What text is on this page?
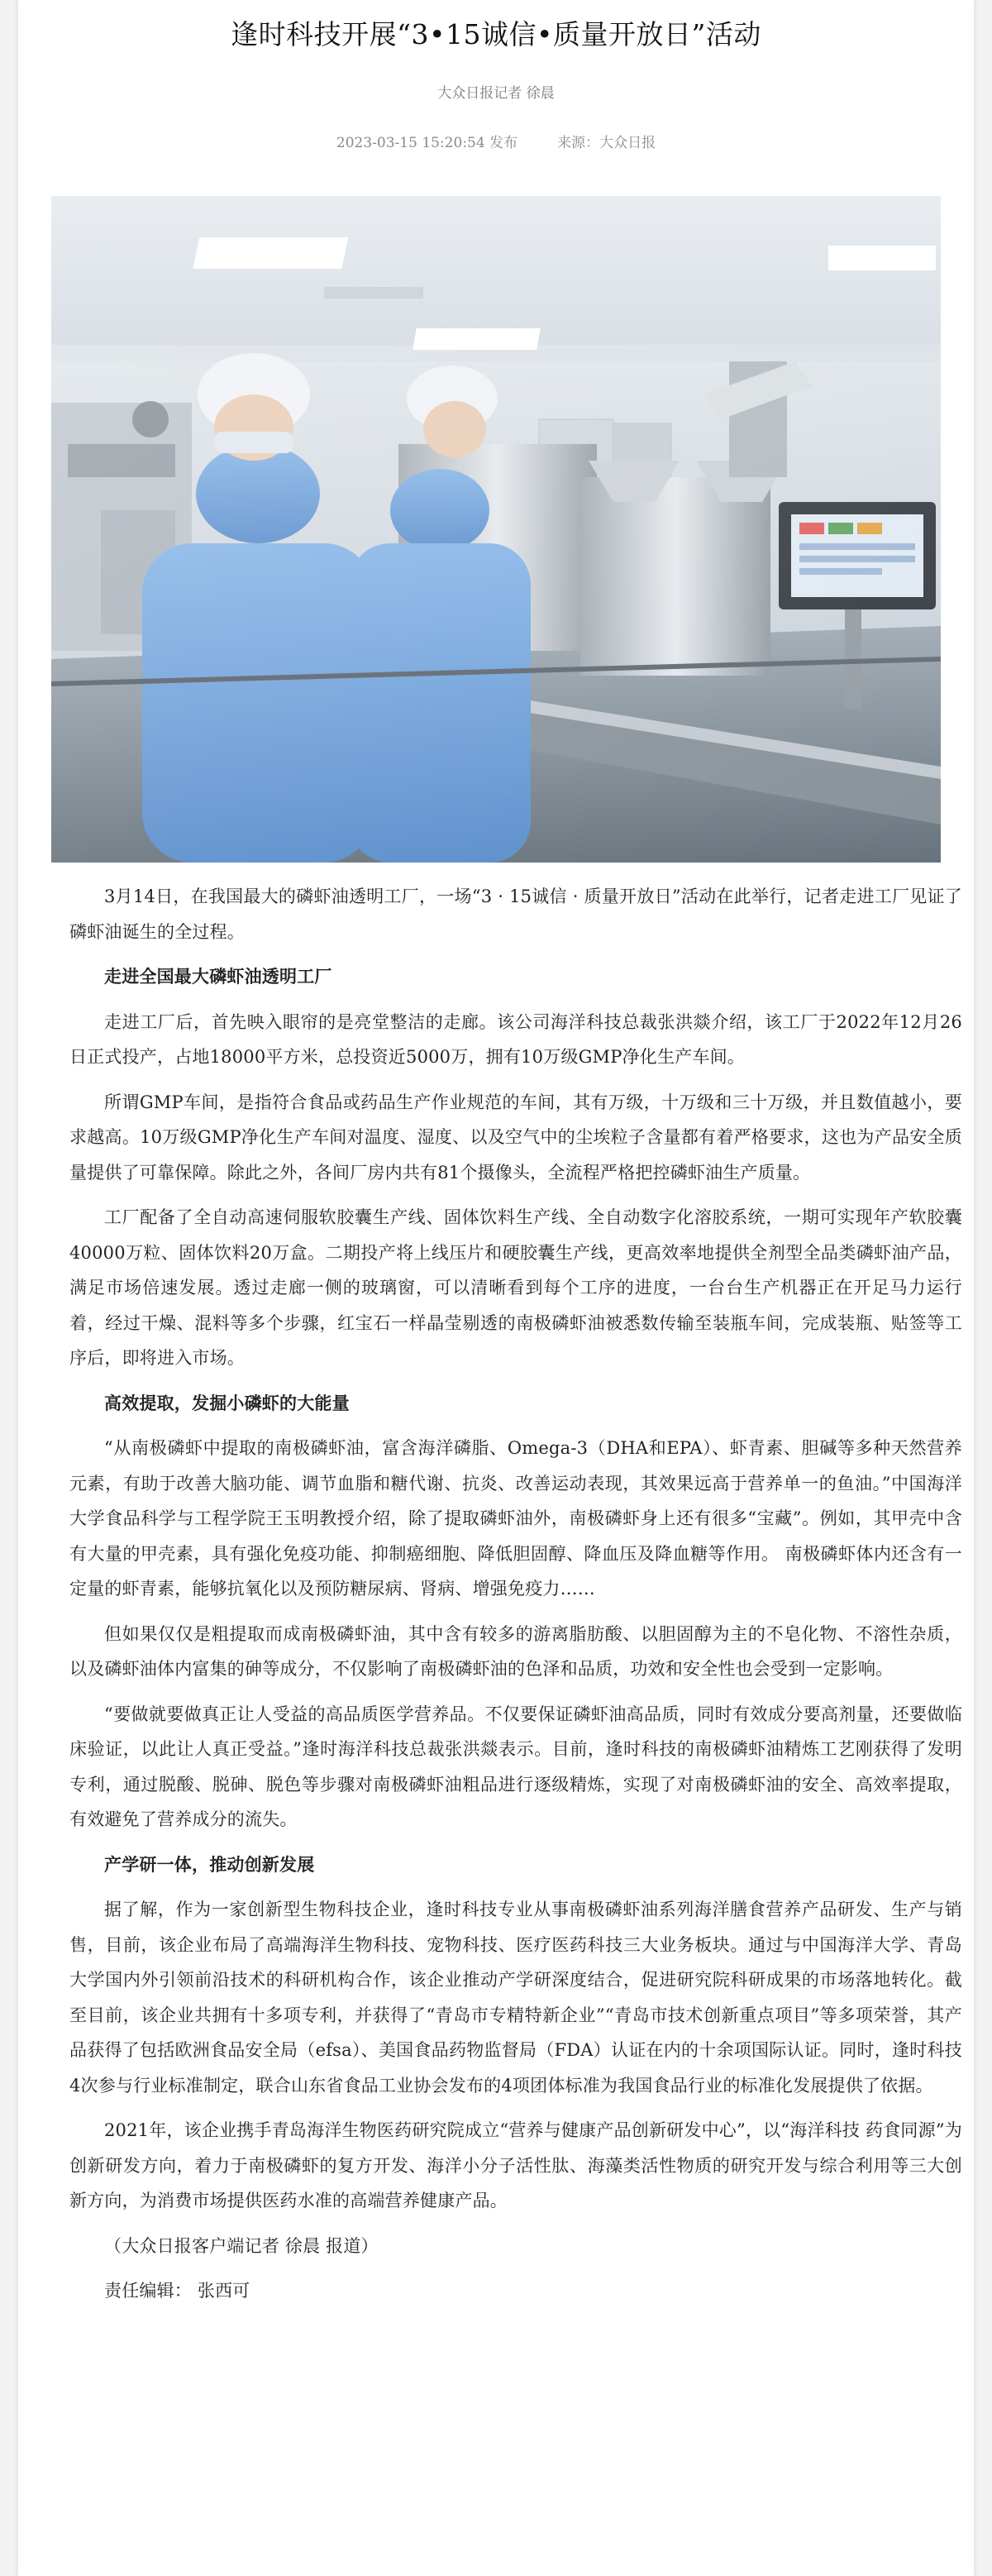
逢时科技开展“3•15诚信•质量开放日”活动
大众日报记者 徐晨
2023-03-15 15:20:54 发布	来源：大众日报

3月14日，在我国最大的磷虾油透明工厂，一场“3 · 15诚信 · 质量开放日”活动在此举行，记者走进工厂见证了磷虾油诞生的全过程。

走进全国最大磷虾油透明工厂

走进工厂后，首先映入眼帘的是亮堂整洁的走廊。该公司海洋科技总裁张洪燚介绍，该工厂于2022年12月26日正式投产，占地18000平方米，总投资近5000万，拥有10万级GMP净化生产车间。

所谓GMP车间，是指符合食品或药品生产作业规范的车间，其有万级，十万级和三十万级，并且数值越小，要求越高。10万级GMP净化生产车间对温度、湿度、以及空气中的尘埃粒子含量都有着严格要求，这也为产品安全质量提供了可靠保障。除此之外，各间厂房内共有81个摄像头，全流程严格把控磷虾油生产质量。

工厂配备了全自动高速伺服软胶囊生产线、固体饮料生产线、全自动数字化溶胶系统，一期可实现年产软胶囊40000万粒、固体饮料20万盒。二期投产将上线压片和硬胶囊生产线，更高效率地提供全剂型全品类磷虾油产品，满足市场倍速发展。透过走廊一侧的玻璃窗，可以清晰看到每个工序的进度，一台台生产机器正在开足马力运行着，经过干燥、混料等多个步骤，红宝石一样晶莹剔透的南极磷虾油被悉数传输至装瓶车间，完成装瓶、贴签等工序后，即将进入市场。

高效提取，发掘小磷虾的大能量

“从南极磷虾中提取的南极磷虾油，富含海洋磷脂、Omega-3（DHA和EPA）、虾青素、胆碱等多种天然营养元素，有助于改善大脑功能、调节血脂和糖代谢、抗炎、改善运动表现，其效果远高于营养单一的鱼油。”中国海洋大学食品科学与工程学院王玉明教授介绍，除了提取磷虾油外，南极磷虾身上还有很多“宝藏”。例如，其甲壳中含有大量的甲壳素，具有强化免疫功能、抑制癌细胞、降低胆固醇、降血压及降血糖等作用。 南极磷虾体内还含有一定量的虾青素，能够抗氧化以及预防糖尿病、肾病、增强免疫力……

但如果仅仅是粗提取而成南极磷虾油，其中含有较多的游离脂肪酸、以胆固醇为主的不皂化物、不溶性杂质，以及磷虾油体内富集的砷等成分，不仅影响了南极磷虾油的色泽和品质，功效和安全性也会受到一定影响。

“要做就要做真正让人受益的高品质医学营养品。不仅要保证磷虾油高品质，同时有效成分要高剂量，还要做临床验证，以此让人真正受益。”逢时海洋科技总裁张洪燚表示。目前，逢时科技的南极磷虾油精炼工艺刚获得了发明专利，通过脱酸、脱砷、脱色等步骤对南极磷虾油粗品进行逐级精炼，实现了对南极磷虾油的安全、高效率提取，有效避免了营养成分的流失。

产学研一体，推动创新发展

据了解，作为一家创新型生物科技企业，逢时科技专业从事南极磷虾油系列海洋膳食营养产品研发、生产与销售，目前，该企业布局了高端海洋生物科技、宠物科技、医疗医药科技三大业务板块。通过与中国海洋大学、青岛大学国内外引领前沿技术的科研机构合作，该企业推动产学研深度结合，促进研究院科研成果的市场落地转化。截至目前，该企业共拥有十多项专利，并获得了“青岛市专精特新企业”“青岛市技术创新重点项目”等多项荣誉，其产品获得了包括欧洲食品安全局（efsa）、美国食品药物监督局（FDA）认证在内的十余项国际认证。同时，逢时科技4次参与行业标准制定，联合山东省食品工业协会发布的4项团体标准为我国食品行业的标准化发展提供了依据。

2021年，该企业携手青岛海洋生物医药研究院成立“营养与健康产品创新研发中心”，以“海洋科技 药食同源”为创新研发方向，着力于南极磷虾的复方开发、海洋小分子活性肽、海藻类活性物质的研究开发与综合利用等三大创新方向，为消费市场提供医药水准的高端营养健康产品。

（大众日报客户端记者 徐晨 报道）

责任编辑： 张西可
